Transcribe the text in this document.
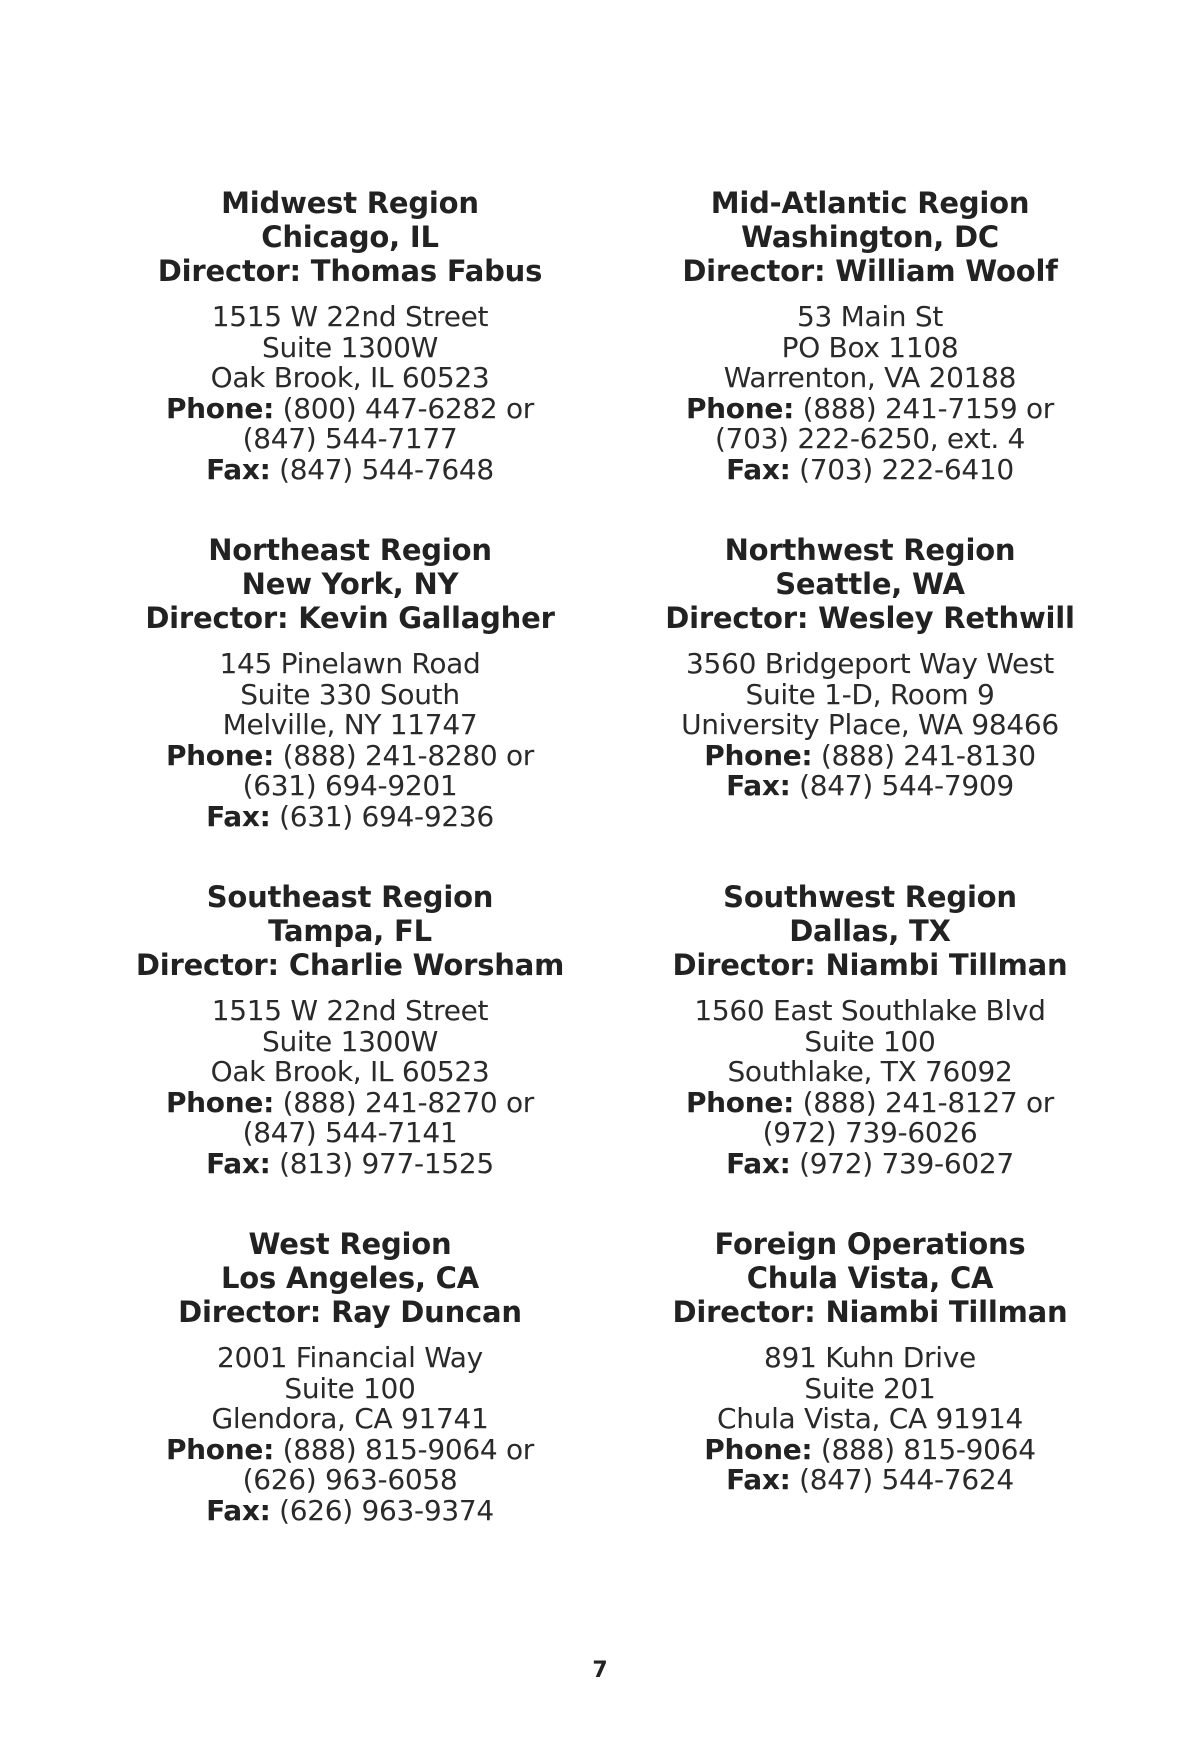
Midwest Region
Chicago, IL
Director: Thomas Fabus
1515 W 22nd Street
Suite 1300W
Oak Brook, IL 60523
Phone: (800) 447-6282 or
(847) 544-7177
Fax: (847) 544-7648
Mid-Atlantic Region
Washington, DC
Director: William Woolf
53 Main St
PO Box 1108
Warrenton, VA 20188
Phone: (888) 241-7159 or
(703) 222-6250, ext. 4
Fax: (703) 222-6410
Northeast Region
New York, NY
Director: Kevin Gallagher
145 Pinelawn Road
Suite 330 South
Melville, NY 11747
Phone: (888) 241-8280 or
(631) 694-9201
Fax: (631) 694-9236
Northwest Region
Seattle, WA
Director: Wesley Rethwill
3560 Bridgeport Way West
Suite 1-D, Room 9
University Place, WA 98466
Phone: (888) 241-8130
Fax: (847) 544-7909
Southeast Region
Tampa, FL
Director: Charlie Worsham
1515 W 22nd Street
Suite 1300W
Oak Brook, IL 60523
Phone: (888) 241-8270 or
(847) 544-7141
Fax: (813) 977-1525
Southwest Region
Dallas, TX
Director: Niambi Tillman
1560 East Southlake Blvd
Suite 100
Southlake, TX 76092
Phone: (888) 241-8127 or
(972) 739-6026
Fax: (972) 739-6027
West Region
Los Angeles, CA
Director: Ray Duncan
2001 Financial Way
Suite 100
Glendora, CA 91741
Phone: (888) 815-9064 or
(626) 963-6058
Fax: (626) 963-9374
Foreign Operations
Chula Vista, CA
Director: Niambi Tillman
891 Kuhn Drive
Suite 201
Chula Vista, CA 91914
Phone: (888) 815-9064
Fax: (847) 544-7624
7
